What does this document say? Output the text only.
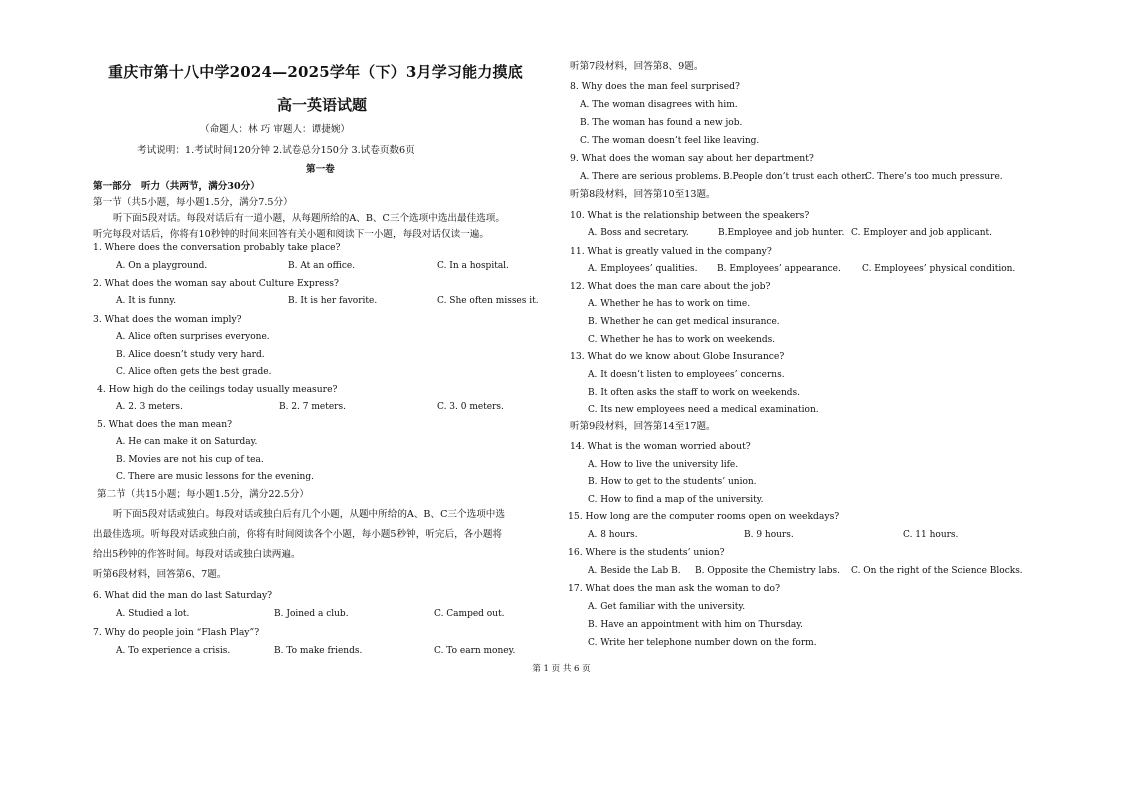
重庆市第十八中学2024—2025学年（下）3月学习能力摸底
高一英语试题
（命题人：林 巧 审题人：谭捷婉）
考试说明：1.考试时间120分钟 2.试卷总分150分 3.试卷页数6页
第一卷
第一部分　听力（共两节，满分30分）
第一节（共5小题，每小题1.5分，满分7.5分）
听下面5段对话。每段对话后有一道小题，从每题所给的A、B、C三个选项中选出最佳选项。
听完每段对话后，你将有10秒钟的时间来回答有关小题和阅读下一小题，每段对话仅读一遍。
1. Where does the conversation probably take place?
A. On a playground.	B. At an office.	C. In a hospital.
2. What does the woman say about Culture Express?
A. It is funny.	B. It is her favorite.	C. She often misses it.
3. What does the woman imply?
A. Alice often surprises everyone.
B. Alice doesn’t study very hard.
C. Alice often gets the best grade.
4. How high do the ceilings today usually measure?
A. 2. 3 meters.	B. 2. 7 meters.	C. 3. 0 meters.
5. What does the man mean?
A. He can make it on Saturday.
B. Movies are not his cup of tea.
C. There are music lessons for the evening.
第二节（共15小题；每小题1.5分，满分22.5分）
听下面5段对话或独白。每段对话或独白后有几个小题，从题中所给的A、B、C三个选项中选
出最佳选项。听每段对话或独白前，你将有时间阅读各个小题，每小题5秒钟，听完后，各小题将
给出5秒钟的作答时间。每段对话或独白读两遍。
听第6段材料，回答第6、7题。
6. What did the man do last Saturday?
A. Studied a lot.	B. Joined a club.	C. Camped out.
7. Why do people join “Flash Play”?
A. To experience a crisis.	B. To make friends.	C. To earn money.
听第7段材料，回答第8、9题。
8. Why does the man feel surprised?
A. The woman disagrees with him.
B. The woman has found a new job.
C. The woman doesn’t feel like leaving.
9. What does the woman say about her department?
A. There are serious problems. B.People don’t trust each other.
C. There’s too much pressure.
听第8段材料，回答第10至13题。
10. What is the relationship between the speakers?
A. Boss and secretary.	B.Employee and job hunter. C. Employer and job applicant.
11. What is greatly valued in the company?
A. Employees’ qualities. B. Employees’ appearance. C. Employees’ physical condition.
12. What does the man care about the job?
A. Whether he has to work on time.
B. Whether he can get medical insurance.
C. Whether he has to work on weekends.
13. What do we know about Globe Insurance?
A. It doesn’t listen to employees’ concerns.
B. It often asks the staff to work on weekends.
C. Its new employees need a medical examination.
听第9段材料，回答第14至17题。
14. What is the woman worried about?
A. How to live the university life.
B. How to get to the students’ union.
C. How to find a map of the university.
15. How long are the computer rooms open on weekdays?
A. 8 hours.	B. 9 hours.	C. 11 hours.
16. Where is the students’ union?
A. Beside the Lab B. B. Opposite the Chemistry labs. C. On the right of the Science Blocks.
17. What does the man ask the woman to do?
A. Get familiar with the university.
B. Have an appointment with him on Thursday.
C. Write her telephone number down on the form.
第 1 页 共 6 页
